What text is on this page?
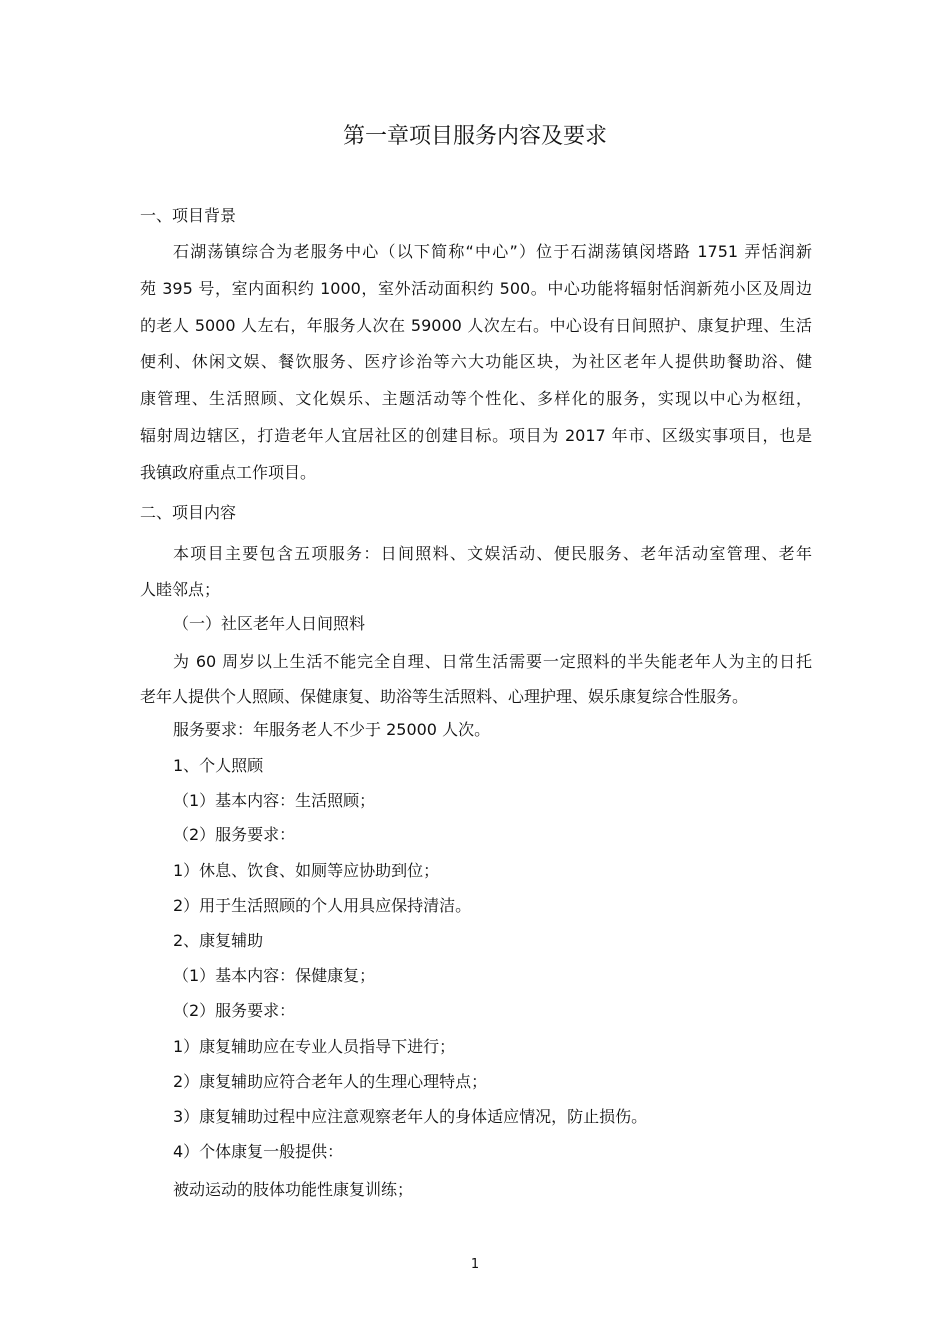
第一章项目服务内容及要求
一、项目背景
石湖荡镇综合为老服务中心（以下简称“中心”）位于石湖荡镇闵塔路 1751 弄恬润新
苑 395 号，室内面积约 1000，室外活动面积约 500。中心功能将辐射恬润新苑小区及周边
的老人 5000 人左右，年服务人次在 59000 人次左右。中心设有日间照护、康复护理、生活
便利、休闲文娱、餐饮服务、医疗诊治等六大功能区块，为社区老年人提供助餐助浴、健
康管理、生活照顾、文化娱乐、主题活动等个性化、多样化的服务，实现以中心为枢纽，
辐射周边辖区，打造老年人宜居社区的创建目标。项目为 2017 年市、区级实事项目，也是
我镇政府重点工作项目。
二、项目内容
本项目主要包含五项服务：日间照料、文娱活动、便民服务、老年活动室管理、老年
人睦邻点；
（一）社区老年人日间照料
为 60 周岁以上生活不能完全自理、日常生活需要一定照料的半失能老年人为主的日托
老年人提供个人照顾、保健康复、助浴等生活照料、心理护理、娱乐康复综合性服务。
服务要求：年服务老人不少于 25000 人次。
1、个人照顾
（1）基本内容：生活照顾；
（2）服务要求：
1）休息、饮食、如厕等应协助到位；
2）用于生活照顾的个人用具应保持清洁。
2、康复辅助
（1）基本内容：保健康复；
（2）服务要求：
1）康复辅助应在专业人员指导下进行；
2）康复辅助应符合老年人的生理心理特点；
3）康复辅助过程中应注意观察老年人的身体适应情况，防止损伤。
4）个体康复一般提供：
被动运动的肢体功能性康复训练；
1
